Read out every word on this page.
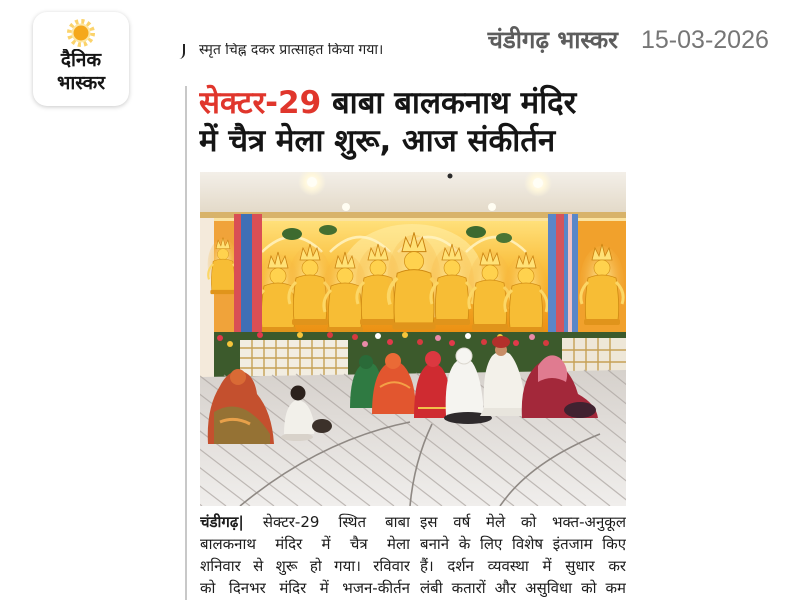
दैनिक
भास्कर
चंडीगढ़ भास्कर 15-03-2026
स्मृत चिह्न दकर प्रात्साहत किया गया।
सेक्टर-29 बाबा बालकनाथ मंदिर
में चैत्र मेला शुरू, आज संकीर्तन
चंडीगढ़| सेक्टर-29 स्थित बाबा
बालकनाथ मंदिर में चैत्र मेला
शनिवार से शुरू हो गया। रविवार
को दिनभर मंदिर में भजन-कीर्तन
इस वर्ष मेले को भक्त-अनुकूल
बनाने के लिए विशेष इंतजाम किए
हैं। दर्शन व्यवस्था में सुधार कर
लंबी कतारों और असुविधा को कम
